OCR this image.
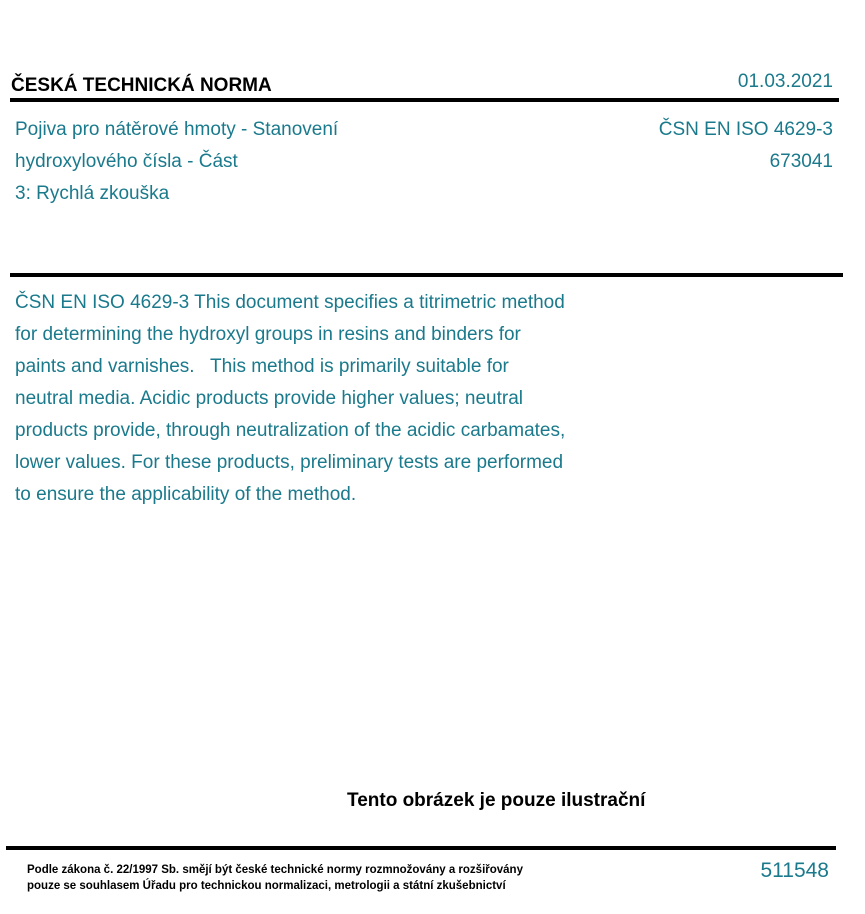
ČESKÁ TECHNICKÁ NORMA	01.03.2021
Pojiva pro nátěrové hmoty - Stanovení
hydroxylového čísla - Část
3: Rychlá zkouška
ČSN EN ISO 4629-3
673041
ČSN EN ISO 4629-3 This document specifies a titrimetric method
for determining the hydroxyl groups in resins and binders for
paints and varnishes.   This method is primarily suitable for
neutral media. Acidic products provide higher values; neutral
products provide, through neutralization of the acidic carbamates,
lower values. For these products, preliminary tests are performed
to ensure the applicability of the method.
Tento obrázek je pouze ilustrační
Podle zákona č. 22/1997 Sb. smějí být české technické normy rozmnožovány a rozšiřovány
pouze se souhlasem Úřadu pro technickou normalizaci, metrologii a státní zkušebnictví
511548
